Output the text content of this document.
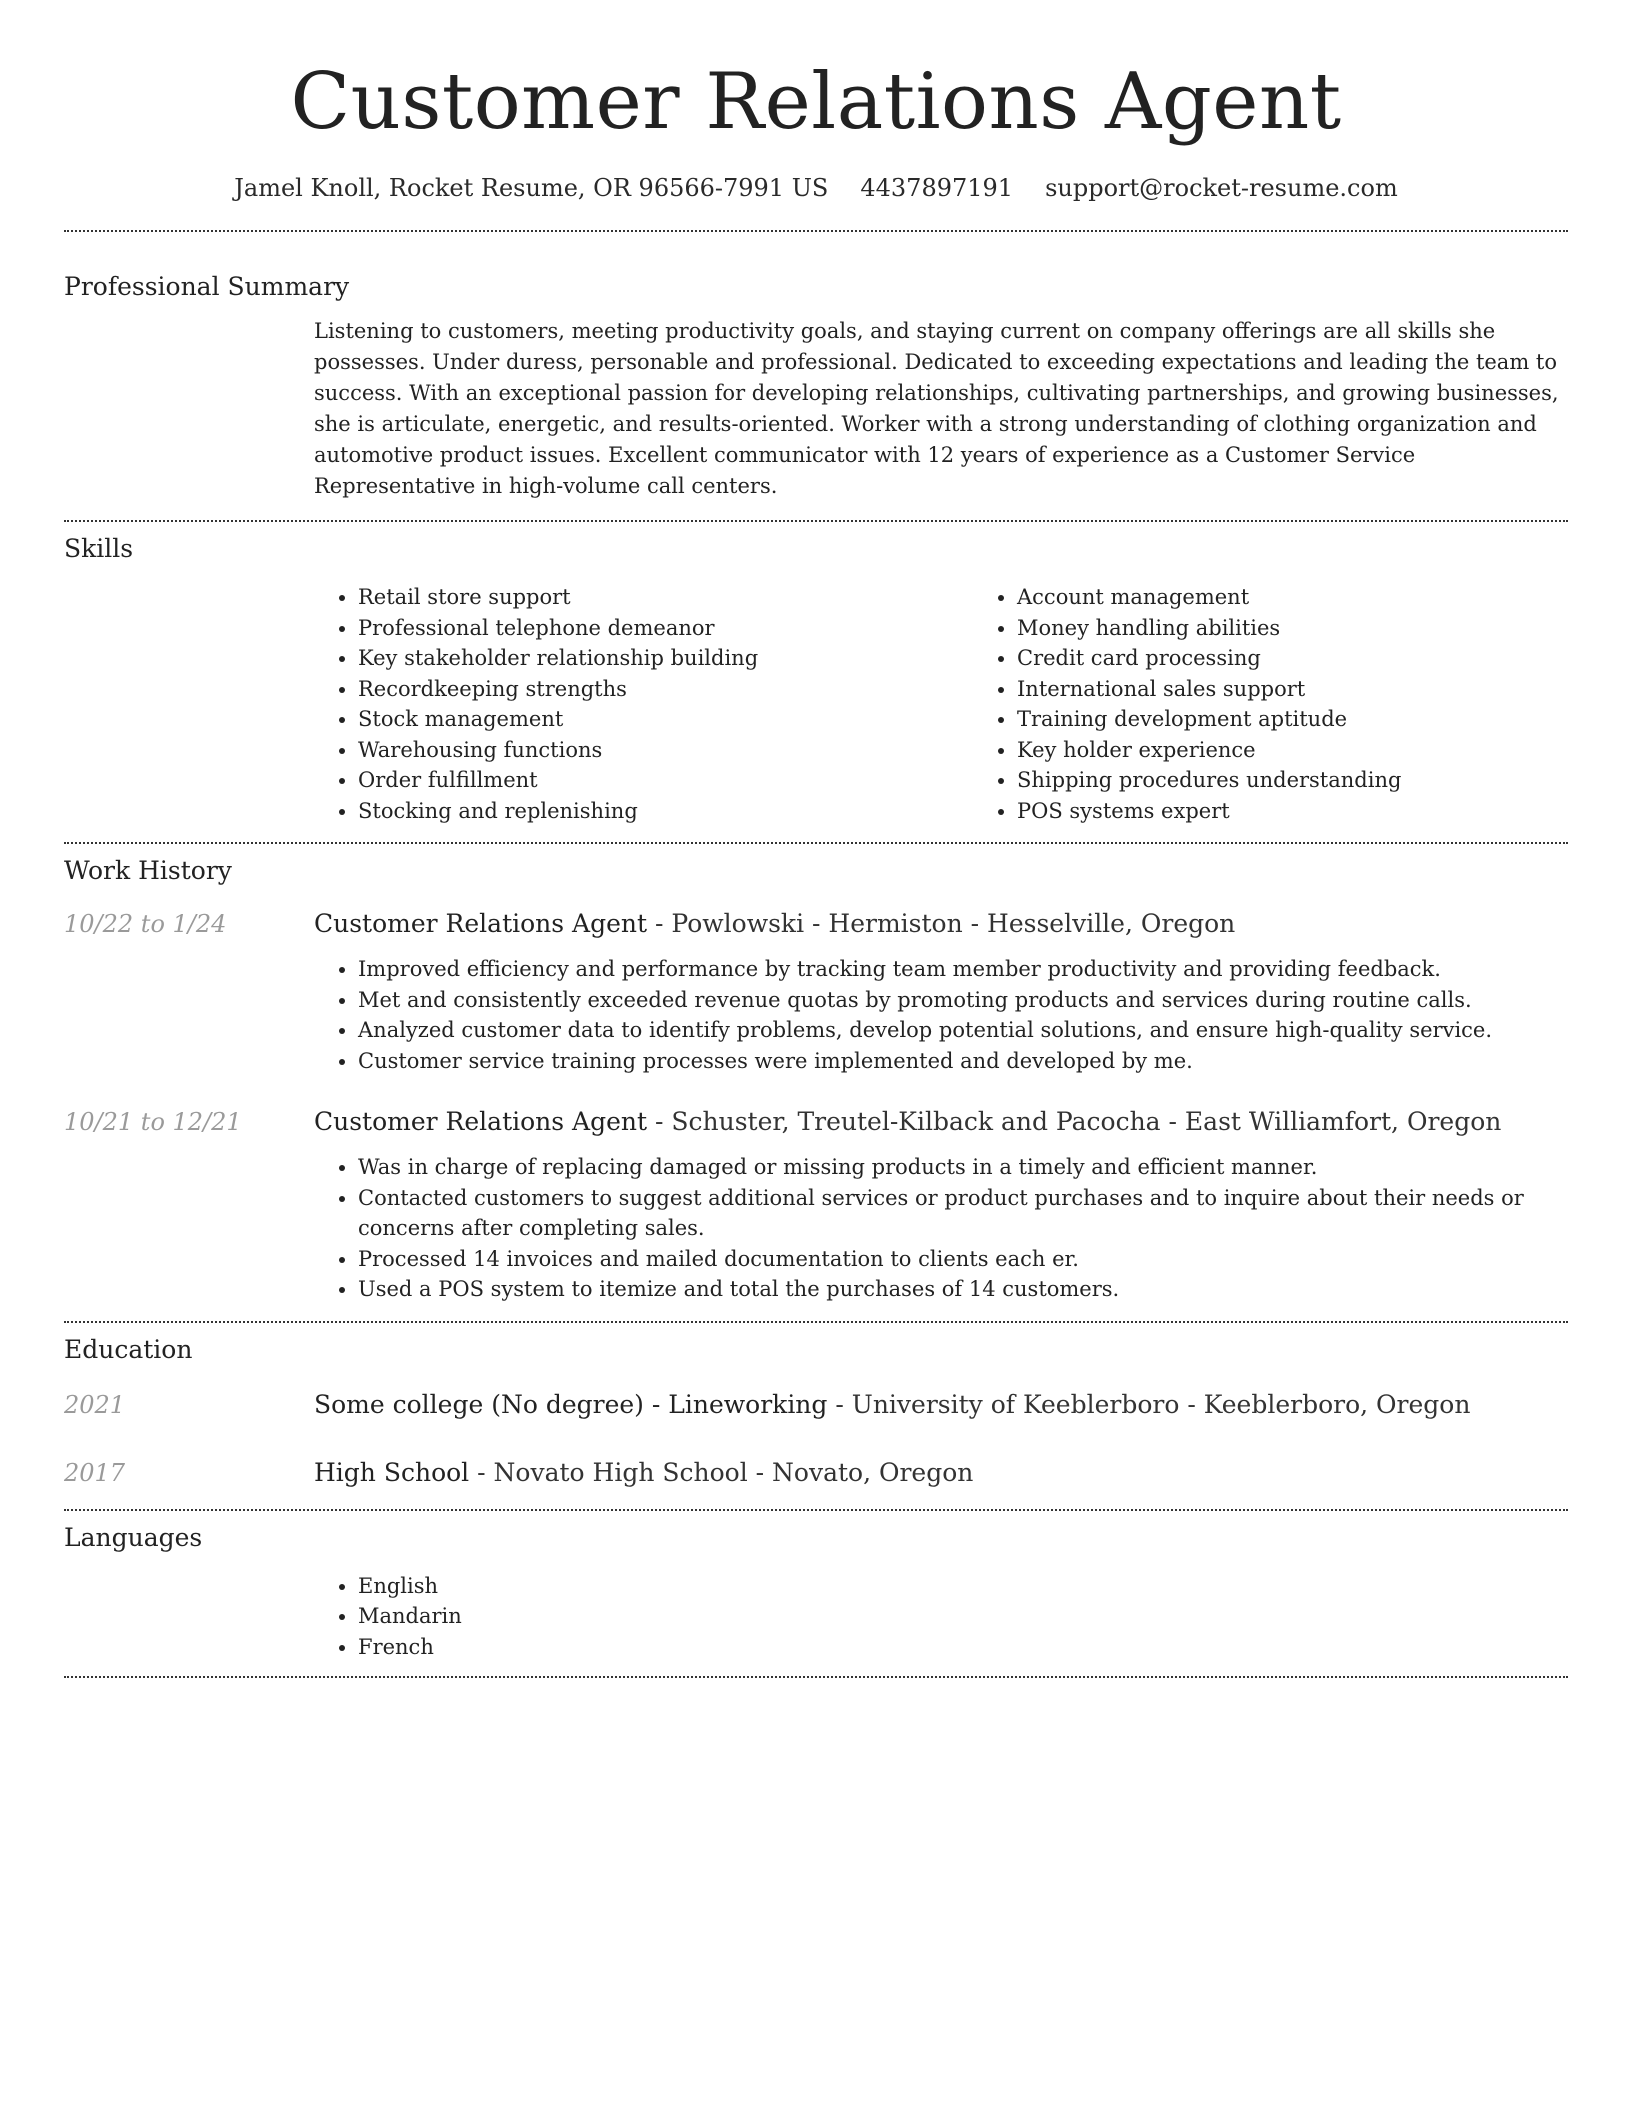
Customer Relations Agent
Jamel Knoll, Rocket Resume, OR 96566-7991 US 4437897191 support@rocket-resume.com
Professional Summary
Listening to customers, meeting productivity goals, and staying current on company offerings are all skills she possesses. Under duress, personable and professional. Dedicated to exceeding expectations and leading the team to success. With an exceptional passion for developing relationships, cultivating partnerships, and growing businesses, she is articulate, energetic, and results-oriented. Worker with a strong understanding of clothing organization and automotive product issues. Excellent communicator with 12 years of experience as a Customer Service Representative in high-volume call centers.
Skills
• Retail store support
• Professional telephone demeanor
• Key stakeholder relationship building
• Recordkeeping strengths
• Stock management
• Warehousing functions
• Order fulfillment
• Stocking and replenishing
• Account management
• Money handling abilities
• Credit card processing
• International sales support
• Training development aptitude
• Key holder experience
• Shipping procedures understanding
• POS systems expert
Work History
10/22 to 1/24	Customer Relations Agent - Powlowski - Hermiston - Hesselville, Oregon
• Improved efficiency and performance by tracking team member productivity and providing feedback.
• Met and consistently exceeded revenue quotas by promoting products and services during routine calls.
• Analyzed customer data to identify problems, develop potential solutions, and ensure high-quality service.
• Customer service training processes were implemented and developed by me.
10/21 to 12/21	Customer Relations Agent - Schuster, Treutel-Kilback and Pacocha - East Williamfort, Oregon
• Was in charge of replacing damaged or missing products in a timely and efficient manner.
• Contacted customers to suggest additional services or product purchases and to inquire about their needs or concerns after completing sales.
• Processed 14 invoices and mailed documentation to clients each er.
• Used a POS system to itemize and total the purchases of 14 customers.
Education
2021	Some college (No degree) - Lineworking - University of Keeblerboro - Keeblerboro, Oregon
2017	High School - Novato High School - Novato, Oregon
Languages
• English
• Mandarin
• French
